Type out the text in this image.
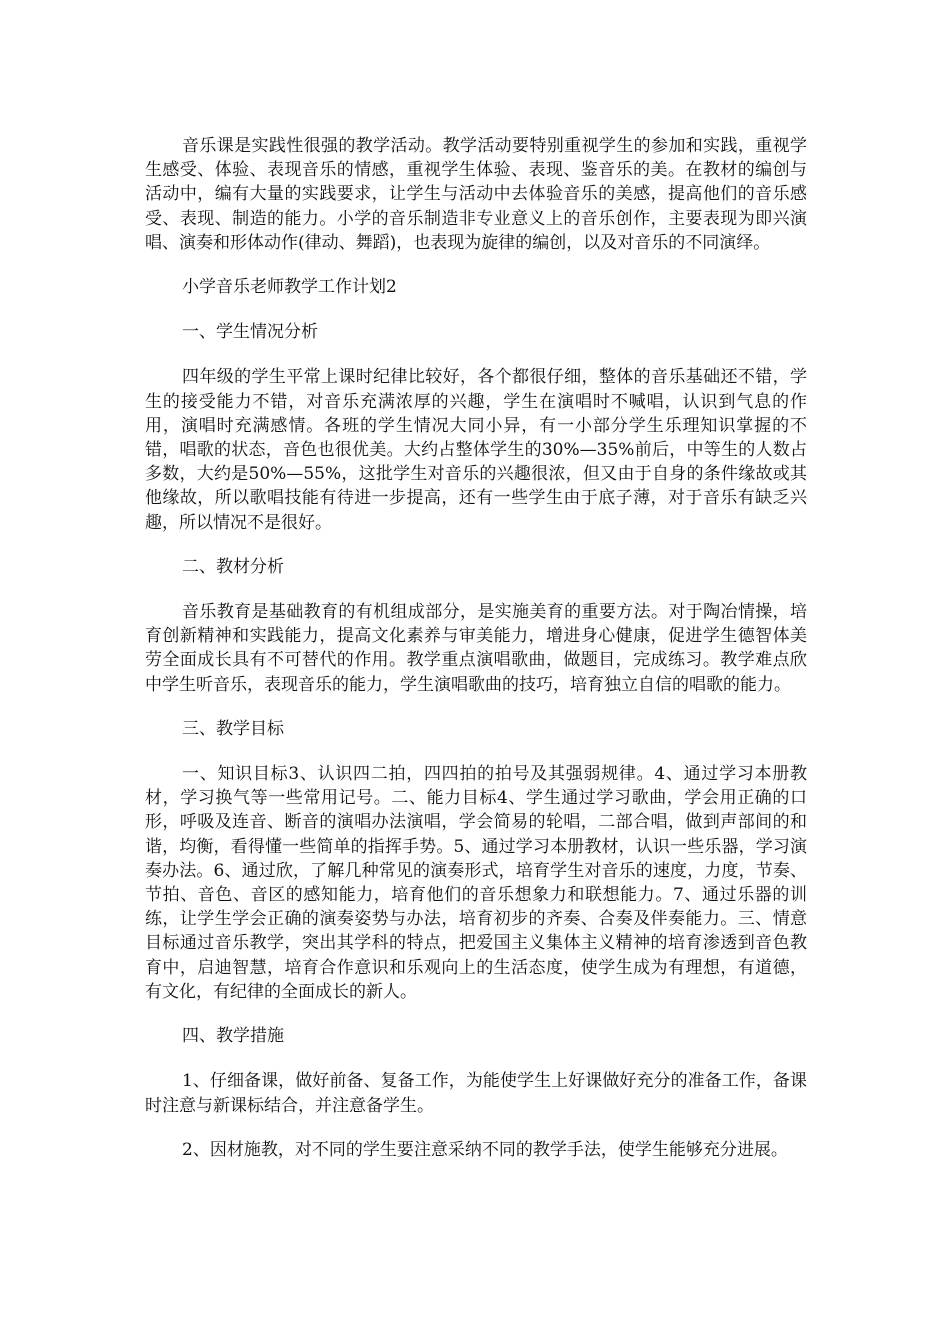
音乐课是实践性很强的教学活动。教学活动要特别重视学生的参加和实践，重视学生感受、体验、表现音乐的情感，重视学生体验、表现、鉴音乐的美。在教材的编创与活动中，编有大量的实践要求，让学生与活动中去体验音乐的美感，提高他们的音乐感受、表现、制造的能力。小学的音乐制造非专业意义上的音乐创作，主要表现为即兴演唱、演奏和形体动作(律动、舞蹈)，也表现为旋律的编创，以及对音乐的不同演绎。

小学音乐老师教学工作计划2

一、学生情况分析

四年级的学生平常上课时纪律比较好，各个都很仔细，整体的音乐基础还不错，学生的接受能力不错，对音乐充满浓厚的兴趣，学生在演唱时不喊唱，认识到气息的作用，演唱时充满感情。各班的学生情况大同小异，有一小部分学生乐理知识掌握的不错，唱歌的状态，音色也很优美。大约占整体学生的30%—35%前后，中等生的人数占多数，大约是50%—55%，这批学生对音乐的兴趣很浓，但又由于自身的条件缘故或其他缘故，所以歌唱技能有待进一步提高，还有一些学生由于底子薄，对于音乐有缺乏兴趣，所以情况不是很好。

二、教材分析

音乐教育是基础教育的有机组成部分，是实施美育的重要方法。对于陶冶情操，培育创新精神和实践能力，提高文化素养与审美能力，增进身心健康，促进学生德智体美劳全面成长具有不可替代的作用。教学重点演唱歌曲，做题目，完成练习。教学难点欣中学生听音乐，表现音乐的能力，学生演唱歌曲的技巧，培育独立自信的唱歌的能力。

三、教学目标

一、知识目标3、认识四二拍，四四拍的拍号及其强弱规律。4、通过学习本册教材，学习换气等一些常用记号。二、能力目标4、学生通过学习歌曲，学会用正确的口形，呼吸及连音、断音的演唱办法演唱，学会简易的轮唱，二部合唱，做到声部间的和谐，均衡，看得懂一些简单的指挥手势。5、通过学习本册教材，认识一些乐器，学习演奏办法。6、通过欣，了解几种常见的演奏形式，培育学生对音乐的速度，力度，节奏、节拍、音色、音区的感知能力，培育他们的音乐想象力和联想能力。7、通过乐器的训练，让学生学会正确的演奏姿势与办法，培育初步的齐奏、合奏及伴奏能力。三、情意目标通过音乐教学，突出其学科的特点，把爱国主义集体主义精神的培育渗透到音色教育中，启迪智慧，培育合作意识和乐观向上的生活态度，使学生成为有理想，有道德，有文化，有纪律的全面成长的新人。

四、教学措施

1、仔细备课，做好前备、复备工作，为能使学生上好课做好充分的准备工作，备课时注意与新课标结合，并注意备学生。

2、因材施教，对不同的学生要注意采纳不同的教学手法，使学生能够充分进展。
